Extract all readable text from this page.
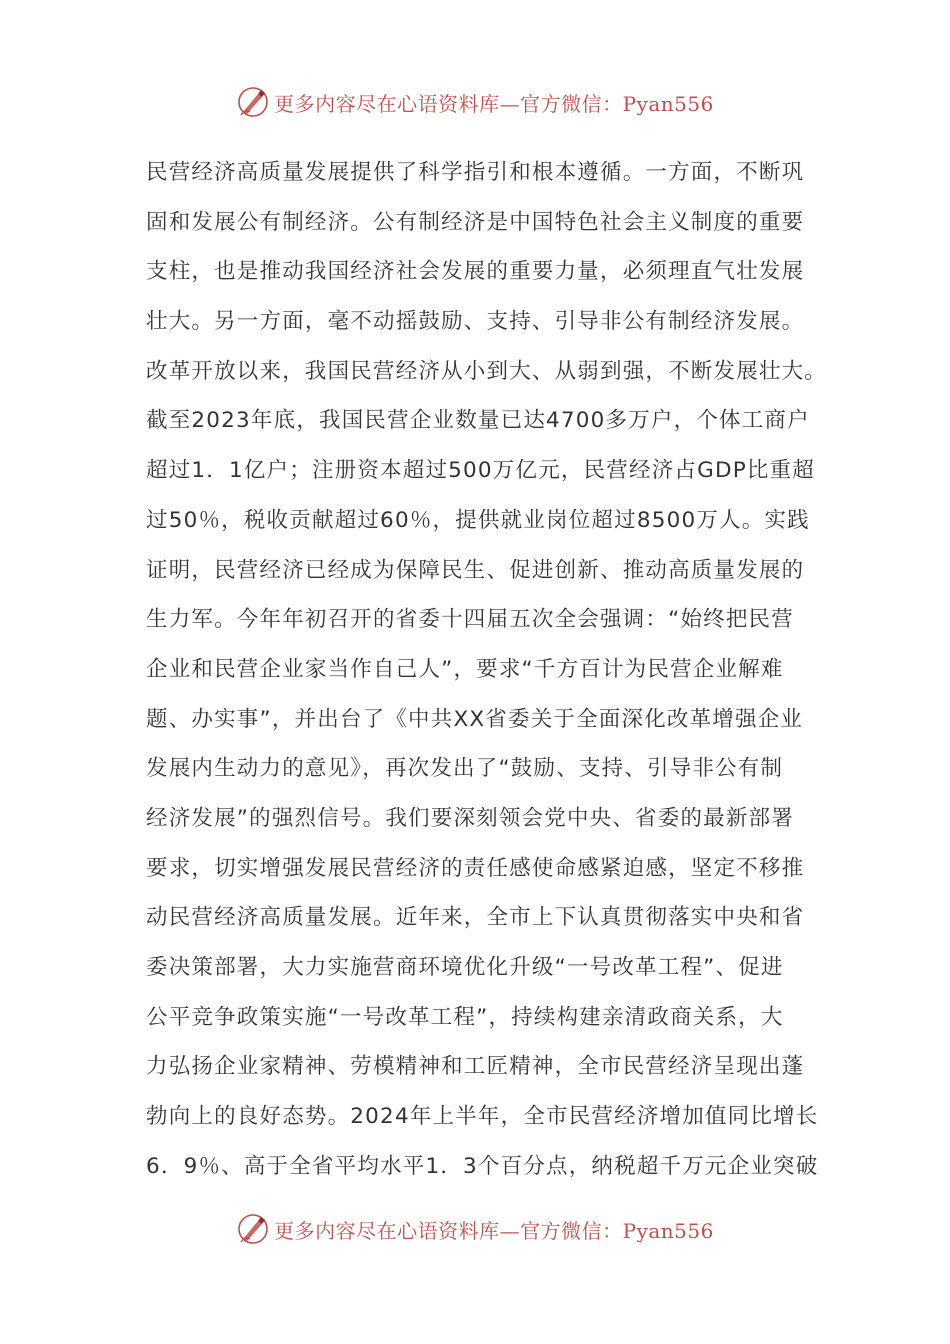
更多内容尽在心语资料库—官方微信：Pyan556
民营经济高质量发展提供了科学指引和根本遵循。一方面，不断巩
固和发展公有制经济。公有制经济是中国特色社会主义制度的重要
支柱，也是推动我国经济社会发展的重要力量，必须理直气壮发展
壮大。另一方面，毫不动摇鼓励、支持、引导非公有制经济发展。
改革开放以来，我国民营经济从小到大、从弱到强，不断发展壮大。
截至2023年底，我国民营企业数量已达4700多万户，个体工商户
超过1．1亿户；注册资本超过500万亿元，民营经济占GDP比重超
过50％，税收贡献超过60％，提供就业岗位超过8500万人。实践
证明，民营经济已经成为保障民生、促进创新、推动高质量发展的
生力军。今年年初召开的省委十四届五次全会强调：“始终把民营
企业和民营企业家当作自己人”，要求“千方百计为民营企业解难
题、办实事”，并出台了《中共XX省委关于全面深化改革增强企业
发展内生动力的意见》，再次发出了“鼓励、支持、引导非公有制
经济发展”的强烈信号。我们要深刻领会党中央、省委的最新部署
要求，切实增强发展民营经济的责任感使命感紧迫感，坚定不移推
动民营经济高质量发展。近年来，全市上下认真贯彻落实中央和省
委决策部署，大力实施营商环境优化升级“一号改革工程”、促进
公平竞争政策实施“一号改革工程”，持续构建亲清政商关系，大
力弘扬企业家精神、劳模精神和工匠精神，全市民营经济呈现出蓬
勃向上的良好态势。2024年上半年，全市民营经济增加值同比增长
6．9％、高于全省平均水平1．3个百分点，纳税超千万元企业突破
更多内容尽在心语资料库—官方微信：Pyan556
